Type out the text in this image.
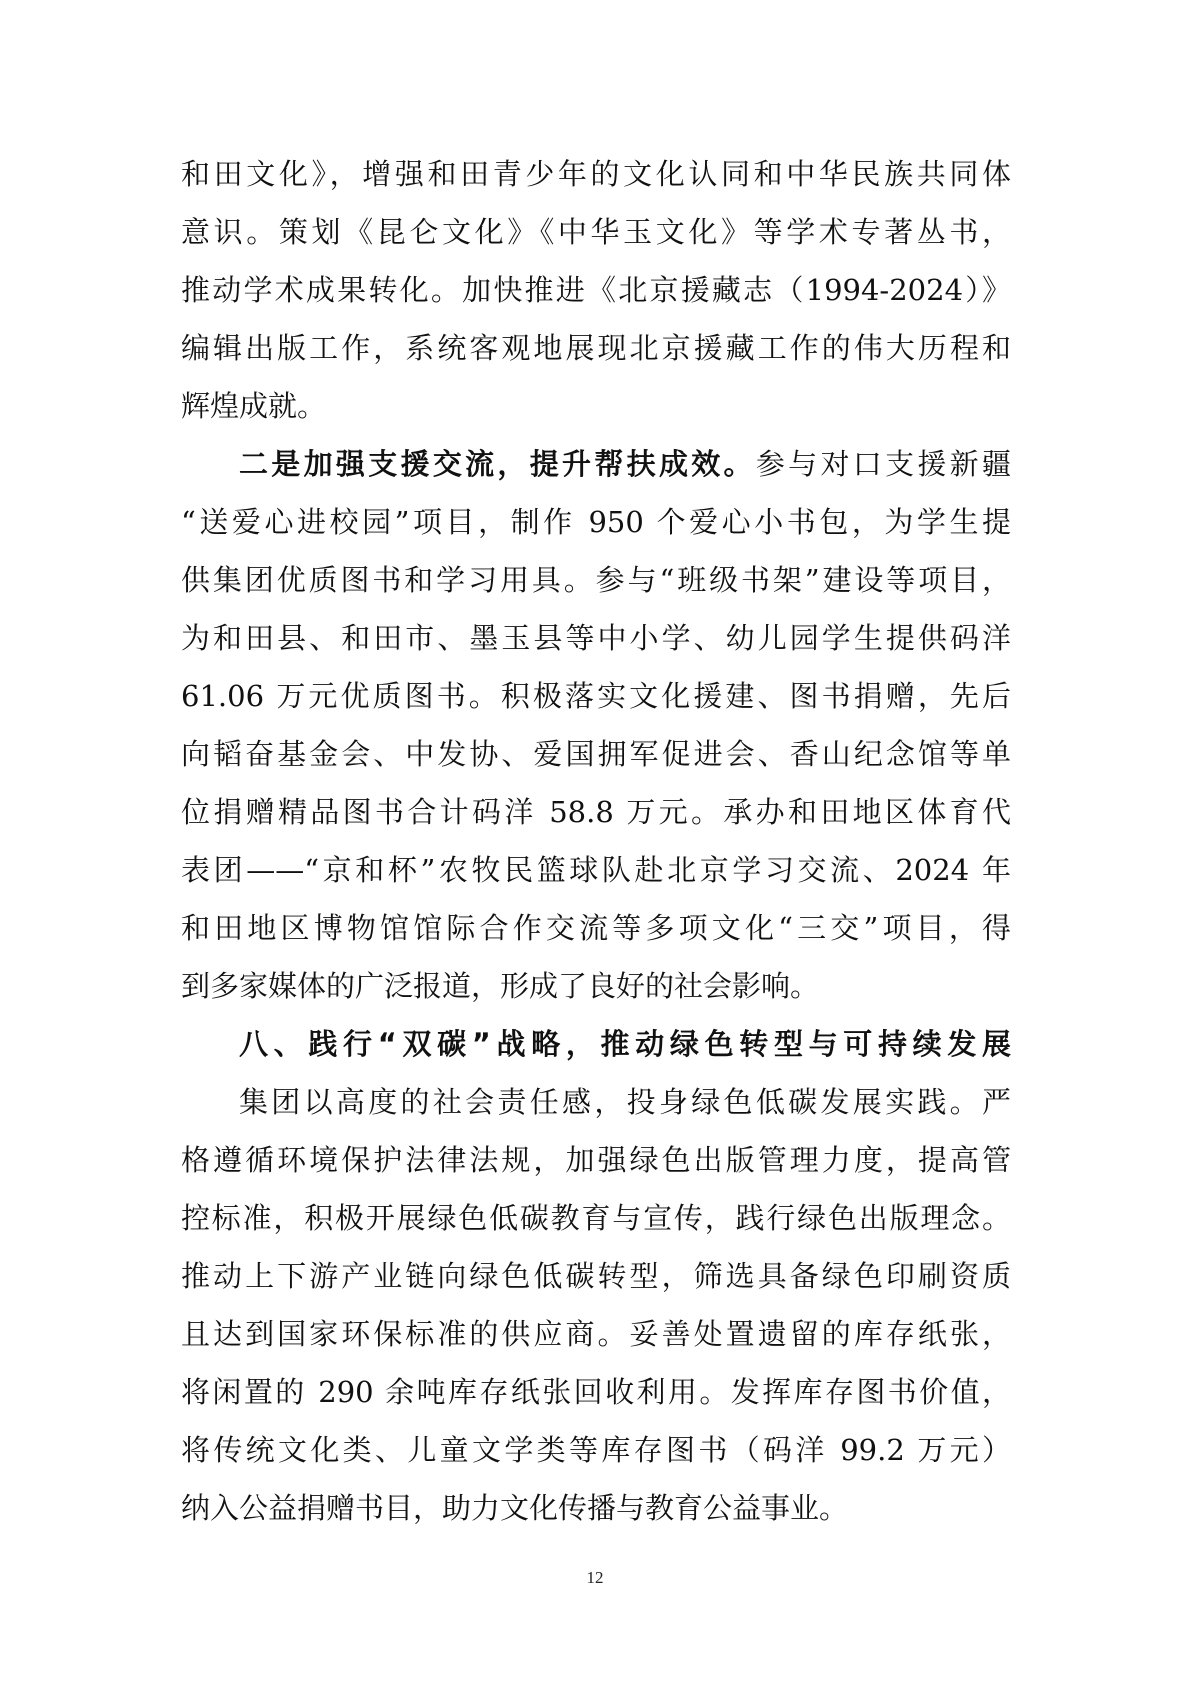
和田文化》，增强和田青少年的文化认同和中华民族共同体
意识。策划《昆仑文化》《中华玉文化》等学术专著丛书，
推动学术成果转化。加快推进《北京援藏志（1994-2024）》
编辑出版工作，系统客观地展现北京援藏工作的伟大历程和
辉煌成就。
二是加强支援交流，提升帮扶成效。参与对口支援新疆
“送爱心进校园”项目，制作 950 个爱心小书包，为学生提
供集团优质图书和学习用具。参与“班级书架”建设等项目，
为和田县、和田市、墨玉县等中小学、幼儿园学生提供码洋
61.06 万元优质图书。积极落实文化援建、图书捐赠，先后
向韬奋基金会、中发协、爱国拥军促进会、香山纪念馆等单
位捐赠精品图书合计码洋 58.8 万元。承办和田地区体育代
表团——“京和杯”农牧民篮球队赴北京学习交流、2024 年
和田地区博物馆馆际合作交流等多项文化“三交”项目，得
到多家媒体的广泛报道，形成了良好的社会影响。
八、践行“双碳”战略，推动绿色转型与可持续发展
集团以高度的社会责任感，投身绿色低碳发展实践。严
格遵循环境保护法律法规，加强绿色出版管理力度，提高管
控标准，积极开展绿色低碳教育与宣传，践行绿色出版理念。
推动上下游产业链向绿色低碳转型，筛选具备绿色印刷资质
且达到国家环保标准的供应商。妥善处置遗留的库存纸张，
将闲置的 290 余吨库存纸张回收利用。发挥库存图书价值，
将传统文化类、儿童文学类等库存图书（码洋 99.2 万元）
纳入公益捐赠书目，助力文化传播与教育公益事业。
12
